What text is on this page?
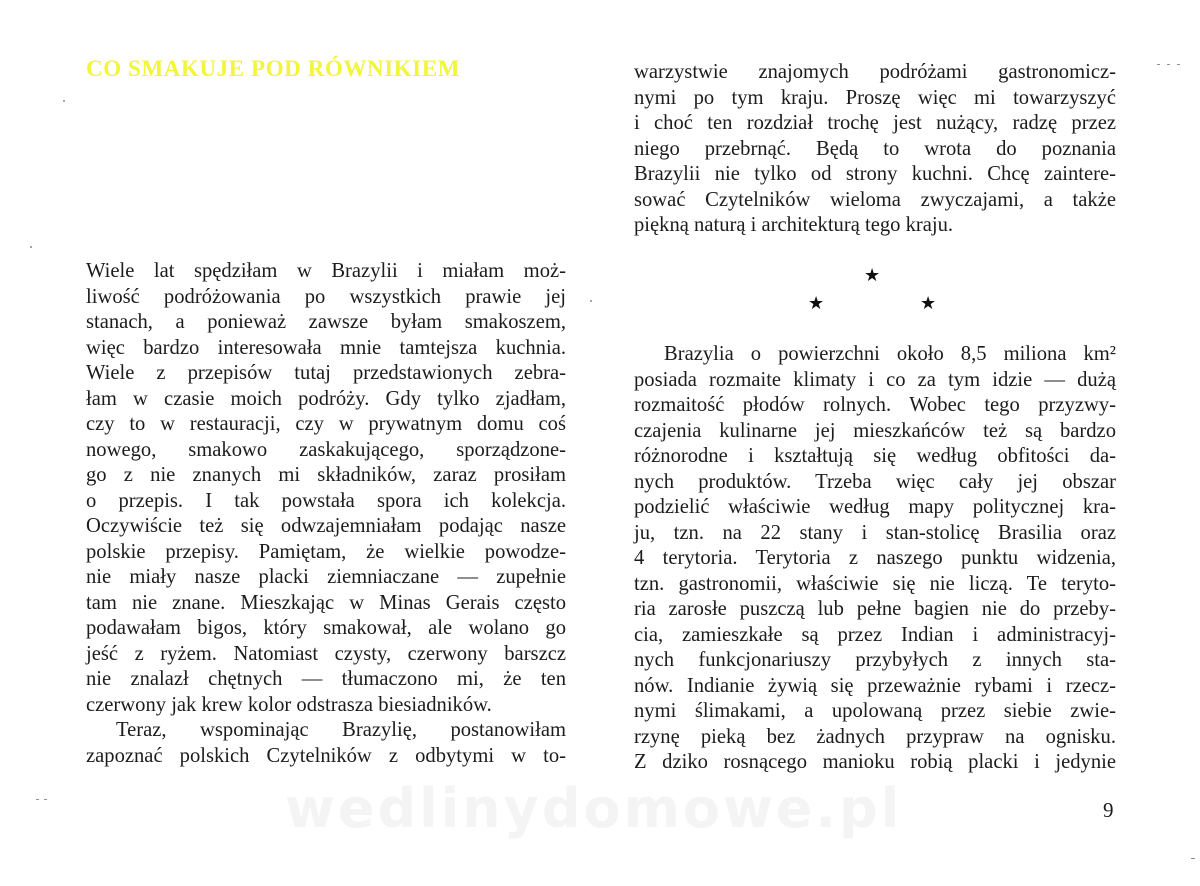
CO SMAKUJE POD RÓWNIKIEM
Wiele lat spędziłam w Brazylii i miałam moż-
liwość podróżowania po wszystkich prawie jej
stanach, a ponieważ zawsze byłam smakoszem,
więc bardzo interesowała mnie tamtejsza kuchnia.
Wiele z przepisów tutaj przedstawionych zebra-
łam w czasie moich podróży. Gdy tylko zjadłam,
czy to w restauracji, czy w prywatnym domu coś
nowego, smakowo zaskakującego, sporządzone-
go z nie znanych mi składników, zaraz prosiłam
o przepis. I tak powstała spora ich kolekcja.
Oczywiście też się odwzajemniałam podając nasze
polskie przepisy. Pamiętam, że wielkie powodze-
nie miały nasze placki ziemniaczane — zupełnie
tam nie znane. Mieszkając w Minas Gerais często
podawałam bigos, który smakował, ale wolano go
jeść z ryżem. Natomiast czysty, czerwony barszcz
nie znalazł chętnych — tłumaczono mi, że ten
czerwony jak krew kolor odstrasza biesiadników.
Teraz, wspominając Brazylię, postanowiłam
zapoznać polskich Czytelników z odbytymi w to-
warzystwie znajomych podróżami gastronomicz-
nymi po tym kraju. Proszę więc mi towarzyszyć
i choć ten rozdział trochę jest nużący, radzę przez
niego przebrnąć. Będą to wrota do poznania
Brazylii nie tylko od strony kuchni. Chcę zaintere-
sować Czytelników wieloma zwyczajami, a także
piękną naturą i architekturą tego kraju.
★
★	★
Brazylia o powierzchni około 8,5 miliona km²
posiada rozmaite klimaty i co za tym idzie — dużą
rozmaitość płodów rolnych. Wobec tego przyzwy-
czajenia kulinarne jej mieszkańców też są bardzo
różnorodne i kształtują się według obfitości da-
nych produktów. Trzeba więc cały jej obszar
podzielić właściwie według mapy politycznej kra-
ju, tzn. na 22 stany i stan-stolicę Brasilia oraz
4 terytoria. Terytoria z naszego punktu widzenia,
tzn. gastronomii, właściwie się nie liczą. Te teryto-
ria zarosłe puszczą lub pełne bagien nie do przeby-
cia, zamieszkałe są przez Indian i administracyj-
nych funkcjonariuszy przybyłych z innych sta-
nów. Indianie żywią się przeważnie rybami i rzecz-
nymi ślimakami, a upolowaną przez siebie zwie-
rzynę pieką bez żadnych przypraw na ognisku.
Z dziko rosnącego manioku robią placki i jedynie
wedlinydomowe.pl	9
